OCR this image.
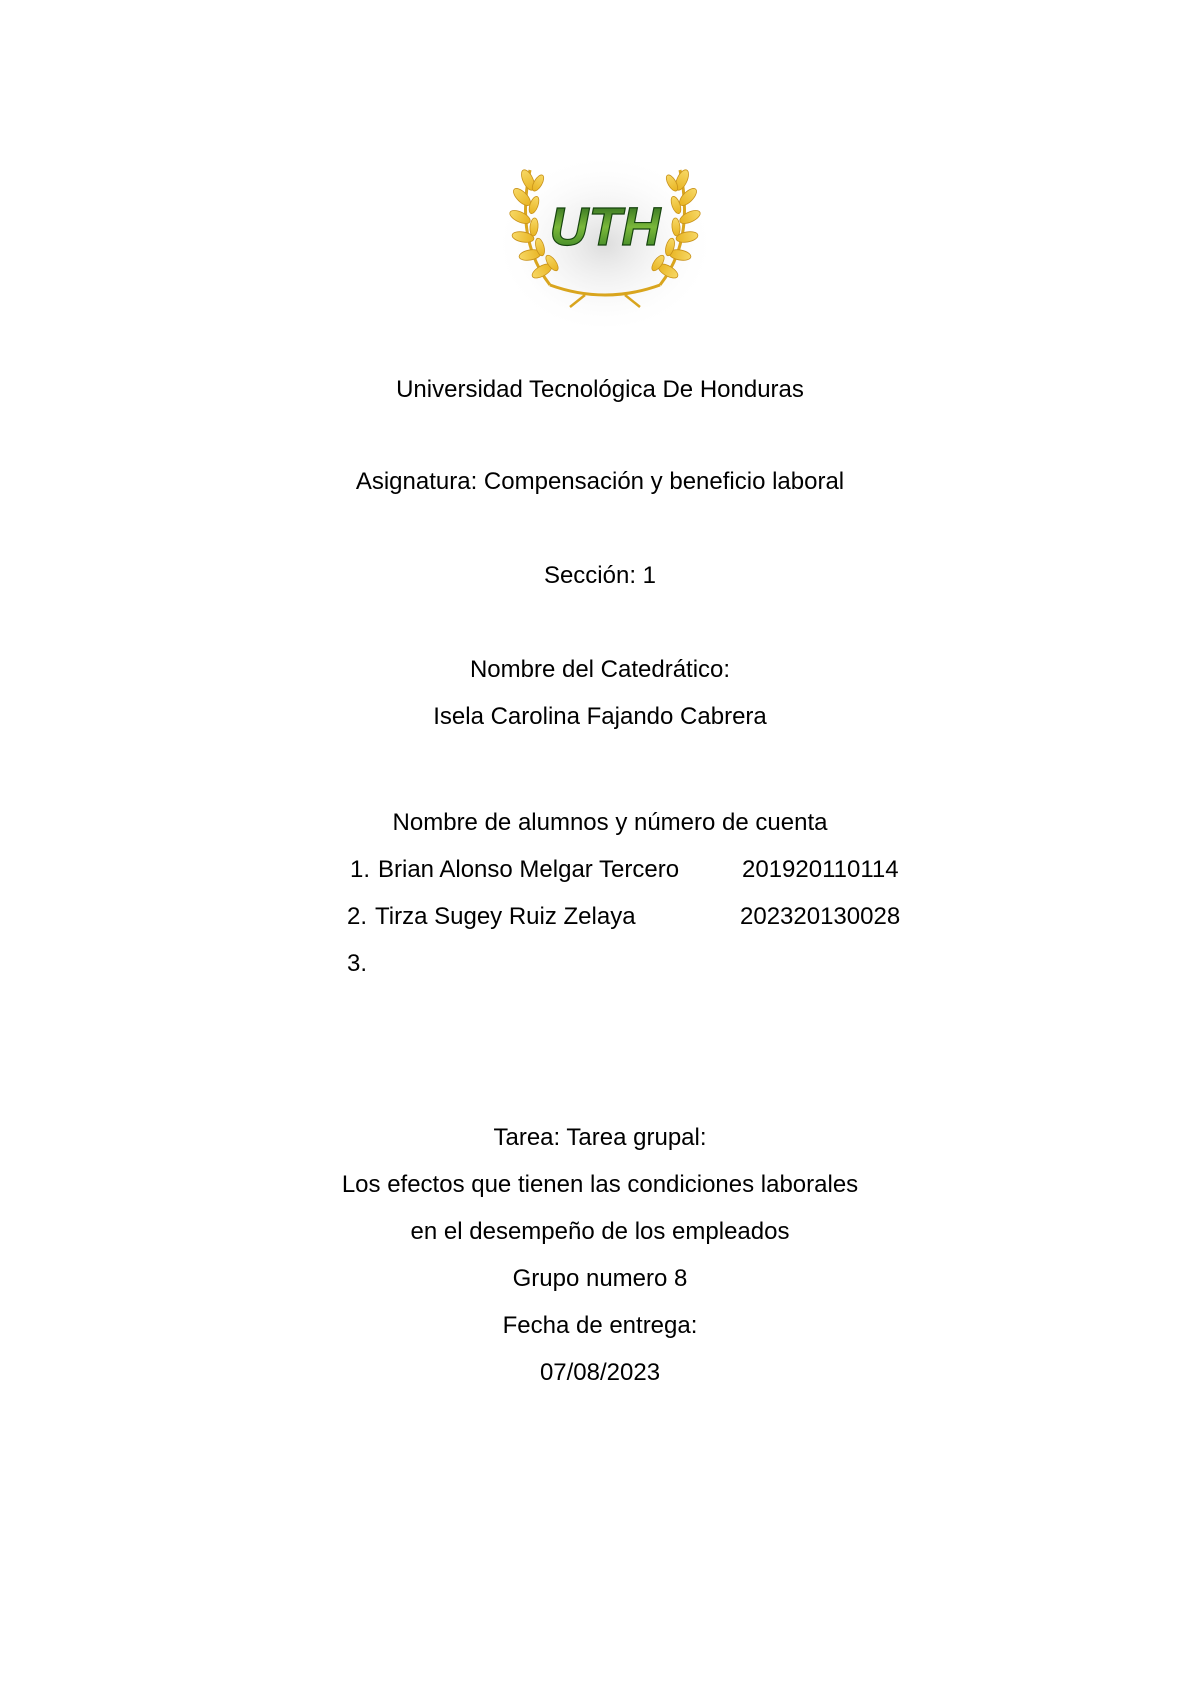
UTH
Universidad Tecnológica De Honduras
Asignatura: Compensación y beneficio laboral
Sección: 1
Nombre del Catedrático:
Isela Carolina Fajando Cabrera
Nombre de alumnos y número de cuenta
1. Brian Alonso Melgar Tercero	201920110114
2. Tirza Sugey Ruiz Zelaya	202320130028
3.
Tarea: Tarea grupal:
Los efectos que tienen las condiciones laborales
en el desempeño de los empleados
Grupo numero 8
Fecha de entrega:
07/08/2023
